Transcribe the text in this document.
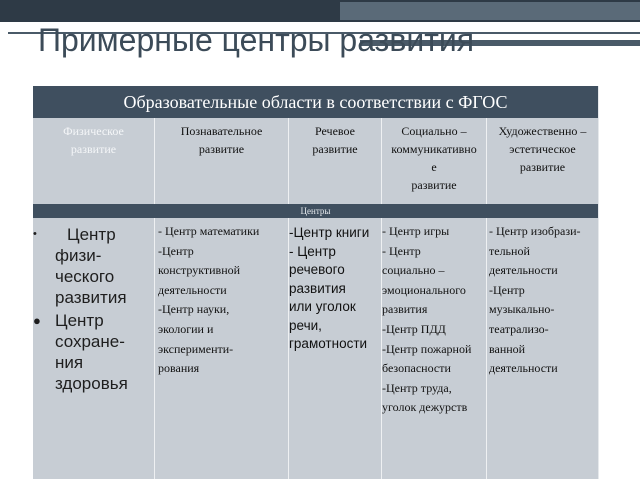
Примерные центры развития
Образовательные области в соответствии с ФГОС
Физическое
развитие
Познавательное
развитие
Речевое
развитие
Социально –
коммуникативно
е
развитие
Художественно –
эстетическое
развитие
Центры
•	Центр
физи-
ческого
развития
● Центр
сохране-
ния
здоровья
- Центр математики
-Центр
конструктивной
деятельности
-Центр науки,
экологии и
эксперименти-
рования
-Центр книги
- Центр
речевого
развития
или уголок
речи,
грамотности
- Центр игры
- Центр
социально –
эмоционального
развития
-Центр ПДД
-Центр пожарной
безопасности
-Центр труда,
уголок дежурств
- Центр изобрази-
тельной
деятельности
-Центр
музыкально-
театрализо-
ванной
деятельности
